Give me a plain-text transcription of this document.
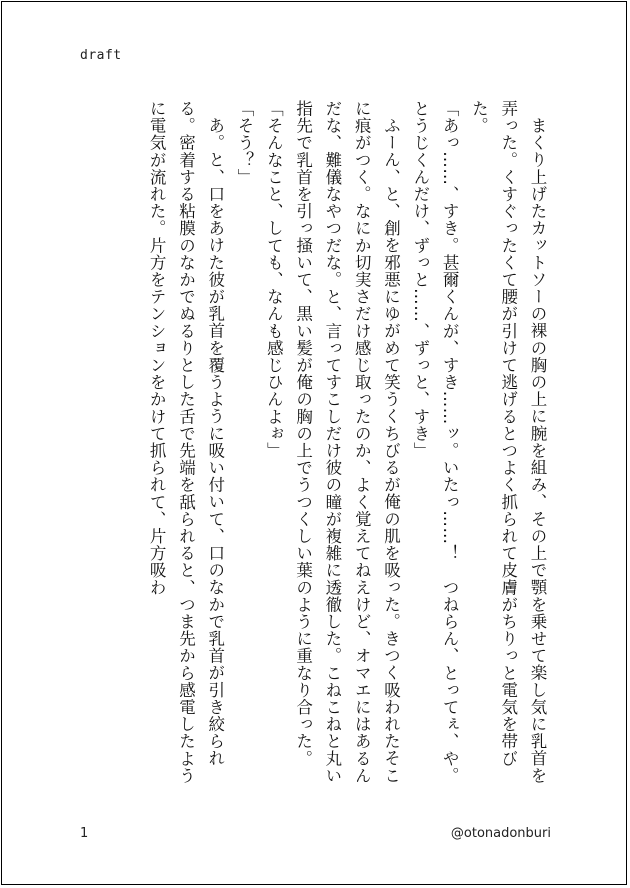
draft

まくり上げたカットソーの裸の胸の上に腕を組み、その上で顎を乗せて楽し気に乳首を弄った。くすぐったくて腰が引けて逃げるとつよく抓られて皮膚がちりっと電気を帯びた。

「あっ……、すき。甚爾くんが、すき……ッ。いたっ……！　つねらん、とってぇ、や。とうじくんだけ、ずっと……、ずっと、すき」

ふーん、と、創を邪悪にゆがめて笑うくちびるが俺の肌を吸った。きつく吸われたそこに痕がつく。なにか切実さだけ感じ取ったのか、よく覚えてねえけど、オマエにはあるんだな、難儀なやつだな。と、言ってすこしだけ彼の瞳が複雑に透徹した。こねこねと丸い指先で乳首を引っ掻いて、黒い髪が俺の胸の上でうつくしい葉のように重なり合った。

「そんなこと、しても、なんも感じひんよぉ」

「そう？」

あ。と、口をあけた彼が乳首を覆うように吸い付いて、口のなかで乳首が引き絞られる。密着する粘膜のなかでぬるりとした舌で先端を舐られると、つま先から感電したように電気が流れた。片方をテンションをかけて抓られて、片方吸わ

1	@otonadonburi
